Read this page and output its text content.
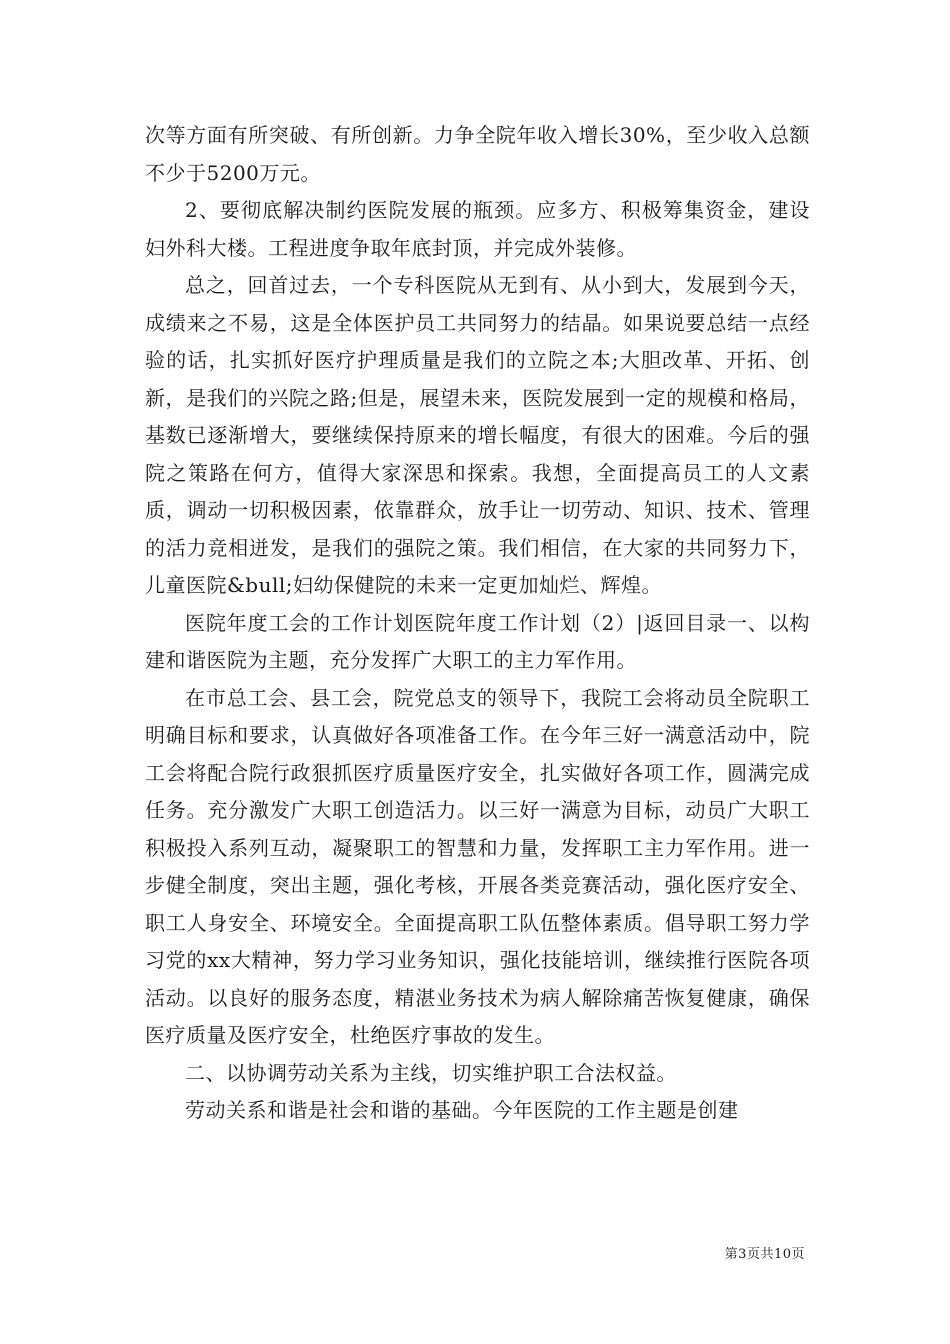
次等方面有所突破、有所创新。力争全院年收入增长30%，至少收入总额不少于5200万元。

2、要彻底解决制约医院发展的瓶颈。应多方、积极筹集资金，建设妇外科大楼。工程进度争取年底封顶，并完成外装修。

总之，回首过去，一个专科医院从无到有、从小到大，发展到今天，成绩来之不易，这是全体医护员工共同努力的结晶。如果说要总结一点经验的话，扎实抓好医疗护理质量是我们的立院之本;大胆改革、开拓、创新，是我们的兴院之路;但是，展望未来，医院发展到一定的规模和格局，基数已逐渐增大，要继续保持原来的增长幅度，有很大的困难。今后的强院之策路在何方，值得大家深思和探索。我想，全面提高员工的人文素质，调动一切积极因素，依靠群众，放手让一切劳动、知识、技术、管理的活力竞相迸发，是我们的强院之策。我们相信，在大家的共同努力下，儿童医院&bull;妇幼保健院的未来一定更加灿烂、辉煌。

医院年度工会的工作计划医院年度工作计划（2）|返回目录一、以构建和谐医院为主题，充分发挥广大职工的主力军作用。

在市总工会、县工会，院党总支的领导下，我院工会将动员全院职工明确目标和要求，认真做好各项准备工作。在今年三好一满意活动中，院工会将配合院行政狠抓医疗质量医疗安全，扎实做好各项工作，圆满完成任务。充分激发广大职工创造活力。以三好一满意为目标，动员广大职工积极投入系列互动，凝聚职工的智慧和力量，发挥职工主力军作用。进一步健全制度，突出主题，强化考核，开展各类竞赛活动，强化医疗安全、职工人身安全、环境安全。全面提高职工队伍整体素质。倡导职工努力学习党的xx大精神，努力学习业务知识，强化技能培训，继续推行医院各项活动。以良好的服务态度，精湛业务技术为病人解除痛苦恢复健康，确保医疗质量及医疗安全，杜绝医疗事故的发生。

二、以协调劳动关系为主线，切实维护职工合法权益。

劳动关系和谐是社会和谐的基础。今年医院的工作主题是创建

第3页共10页
